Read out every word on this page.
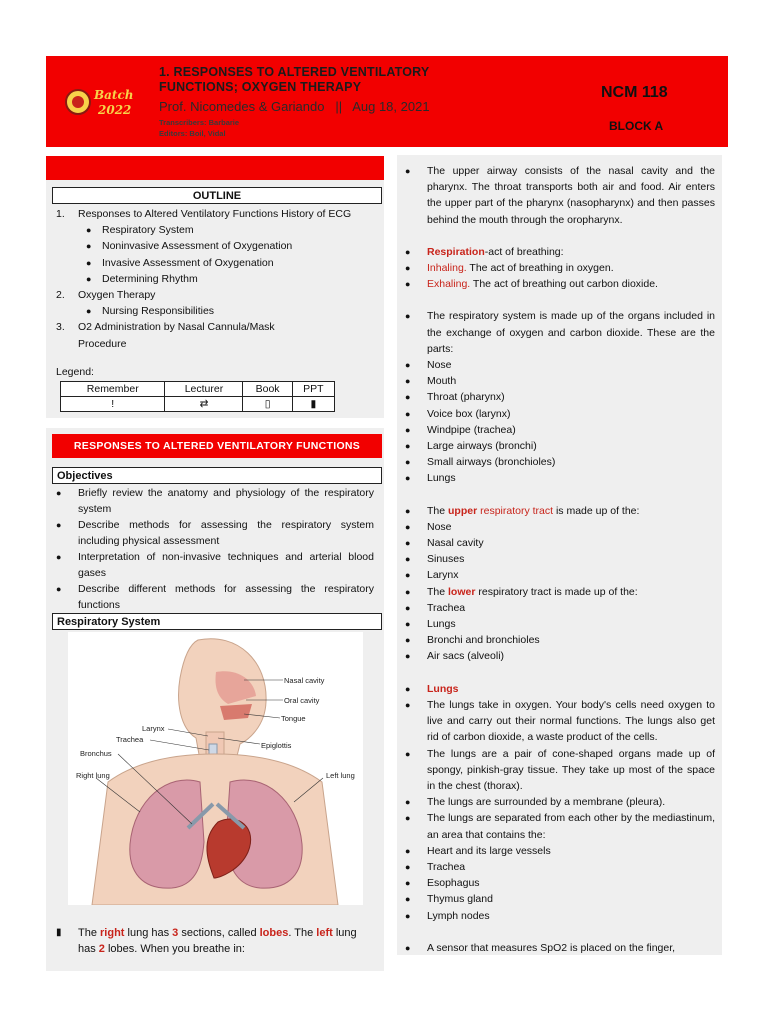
Batch
2022
1. RESPONSES TO ALTERED VENTILATORY FUNCTIONS; OXYGEN THERAPY
Prof. Nicomedes & Gariando || Aug 18, 2021
Transcribers: Barbarie
Editors: Boil, Vidal
NCM 118
BLOCK A
OUTLINE
1.	Responses to Altered Ventilatory Functions History of ECG
●	Respiratory System
●	Noninvasive Assessment of Oxygenation
●	Invasive Assessment of Oxygenation
●	Determining Rhythm
2.	Oxygen Therapy
●	Nursing Responsibilities
3.	O2 Administration by Nasal Cannula/Mask
Procedure
Legend:
Remember	Lecturer	Book	PPT
!	⇄	▯	▮
RESPONSES TO ALTERED VENTILATORY FUNCTIONS
Objectives
●	Briefly review the anatomy and physiology of the respiratory system
●	Describe methods for assessing the respiratory system including physical assessment
●	Interpretation of non-invasive techniques and arterial blood gases
●	Describe different methods for assessing the respiratory functions
Respiratory System
Nasal cavity
Oral cavity
Tongue
Larynx
Trachea
Epiglottis
Bronchus
Right lung	Left lung
▮	The right lung has 3 sections, called lobes. The left lung has 2 lobes. When you breathe in:
●	The upper airway consists of the nasal cavity and the pharynx. The throat transports both air and food. Air enters the upper part of the pharynx (nasopharynx) and then passes behind the mouth through the oropharynx.
●	Respiration-act of breathing:
●	Inhaling. The act of breathing in oxygen.
●	Exhaling. The act of breathing out carbon dioxide.
●	The respiratory system is made up of the organs included in the exchange of oxygen and carbon dioxide. These are the parts:
●	Nose
●	Mouth
●	Throat (pharynx)
●	Voice box (larynx)
●	Windpipe (trachea)
●	Large airways (bronchi)
●	Small airways (bronchioles)
●	Lungs
●	The upper respiratory tract is made up of the:
●	Nose
●	Nasal cavity
●	Sinuses
●	Larynx
●	The lower respiratory tract is made up of the:
●	Trachea
●	Lungs
●	Bronchi and bronchioles
●	Air sacs (alveoli)
●	Lungs
●	The lungs take in oxygen. Your body's cells need oxygen to live and carry out their normal functions. The lungs also get rid of carbon dioxide, a waste product of the cells.
●	The lungs are a pair of cone-shaped organs made up of spongy, pinkish-gray tissue. They take up most of the space in the chest (thorax).
●	The lungs are surrounded by a membrane (pleura).
●	The lungs are separated from each other by the mediastinum, an area that contains the:
●	Heart and its large vessels
●	Trachea
●	Esophagus
●	Thymus gland
●	Lymph nodes
●	A sensor that measures SpO2 is placed on the finger,
